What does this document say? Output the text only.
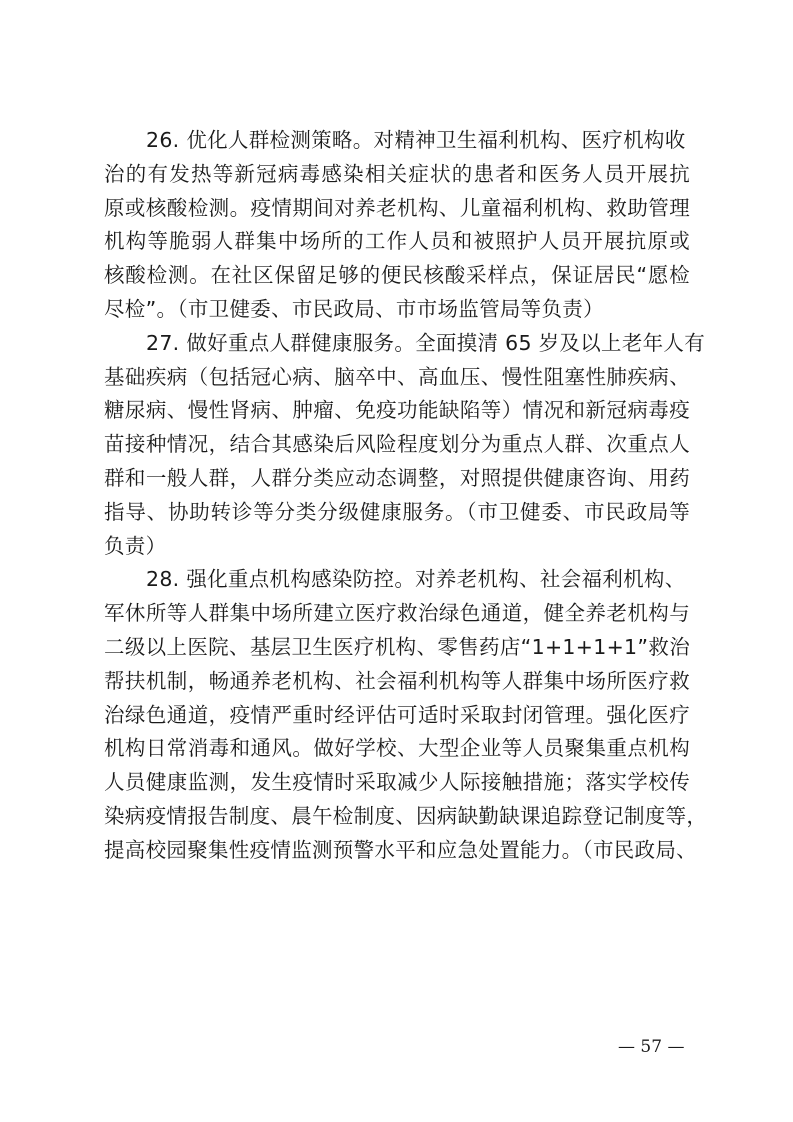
26. 优化人群检测策略。对精神卫生福利机构、医疗机构收
治的有发热等新冠病毒感染相关症状的患者和医务人员开展抗
原或核酸检测。疫情期间对养老机构、儿童福利机构、救助管理
机构等脆弱人群集中场所的工作人员和被照护人员开展抗原或
核酸检测。在社区保留足够的便民核酸采样点，保证居民“愿检
尽检”。（市卫健委、市民政局、市市场监管局等负责）
27. 做好重点人群健康服务。全面摸清 65 岁及以上老年人有
基础疾病（包括冠心病、脑卒中、高血压、慢性阻塞性肺疾病、
糖尿病、慢性肾病、肿瘤、免疫功能缺陷等）情况和新冠病毒疫
苗接种情况，结合其感染后风险程度划分为重点人群、次重点人
群和一般人群，人群分类应动态调整，对照提供健康咨询、用药
指导、协助转诊等分类分级健康服务。（市卫健委、市民政局等
负责）
28. 强化重点机构感染防控。对养老机构、社会福利机构、
军休所等人群集中场所建立医疗救治绿色通道，健全养老机构与
二级以上医院、基层卫生医疗机构、零售药店“1+1+1+1”救治
帮扶机制，畅通养老机构、社会福利机构等人群集中场所医疗救
治绿色通道，疫情严重时经评估可适时采取封闭管理。强化医疗
机构日常消毒和通风。做好学校、大型企业等人员聚集重点机构
人员健康监测，发生疫情时采取减少人际接触措施；落实学校传
染病疫情报告制度、晨午检制度、因病缺勤缺课追踪登记制度等，
提高校园聚集性疫情监测预警水平和应急处置能力。（市民政局、
— 57 —
